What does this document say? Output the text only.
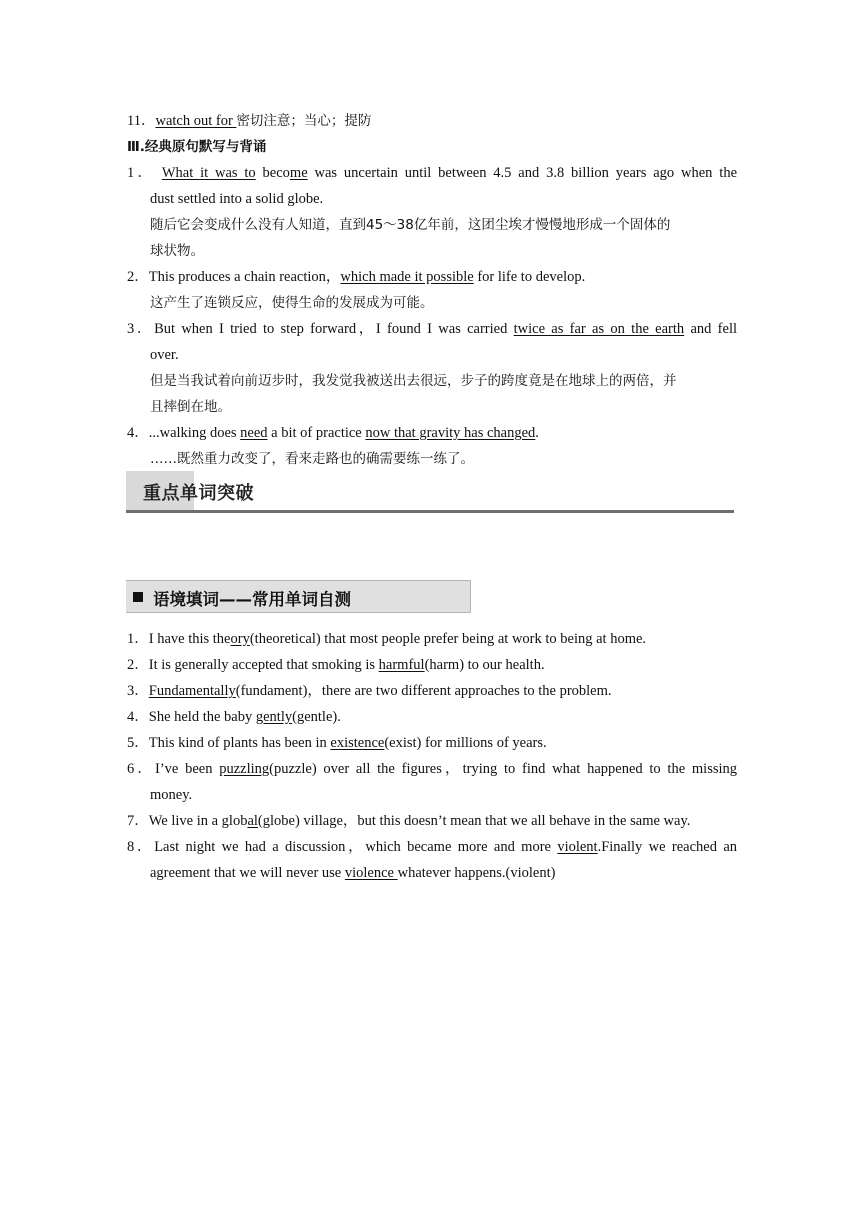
11．watch out for 密切注意；当心；提防
Ⅲ.经典原句默写与背诵
1． What it was to become was uncertain until between 4.5 and 3.8 billion years ago when the
dust settled into a solid globe.
随后它会变成什么没有人知道，直到45～38亿年前，这团尘埃才慢慢地形成一个固体的
球状物。
2．This produces a chain reaction，which made it possible for life to develop.
这产生了连锁反应，使得生命的发展成为可能。
3．But when I tried to step forward，I found I was carried twice as far as on the earth and fell
over.
但是当我试着向前迈步时，我发觉我被送出去很远，步子的跨度竟是在地球上的两倍，并
且摔倒在地。
4．...walking does need a bit of practice now that gravity has changed.
……既然重力改变了，看来走路也的确需要练一练了。
重点单词突破
语境填词——常用单词自测
1．I have this theory(theoretical) that most people prefer being at work to being at home.
2．It is generally accepted that smoking is harmful(harm) to our health.
3．Fundamentally(fundament)，there are two different approaches to the problem.
4．She held the baby gently(gentle).
5．This kind of plants has been in existence(exist) for millions of years.
6．I’ve been puzzling(puzzle) over all the figures，trying to find what happened to the missing
money.
7．We live in a global(globe) village，but this doesn’t mean that we all behave in the same way.
8．Last night we had a discussion，which became more and more violent.Finally we reached an
agreement that we will never use violence whatever happens.(violent)
